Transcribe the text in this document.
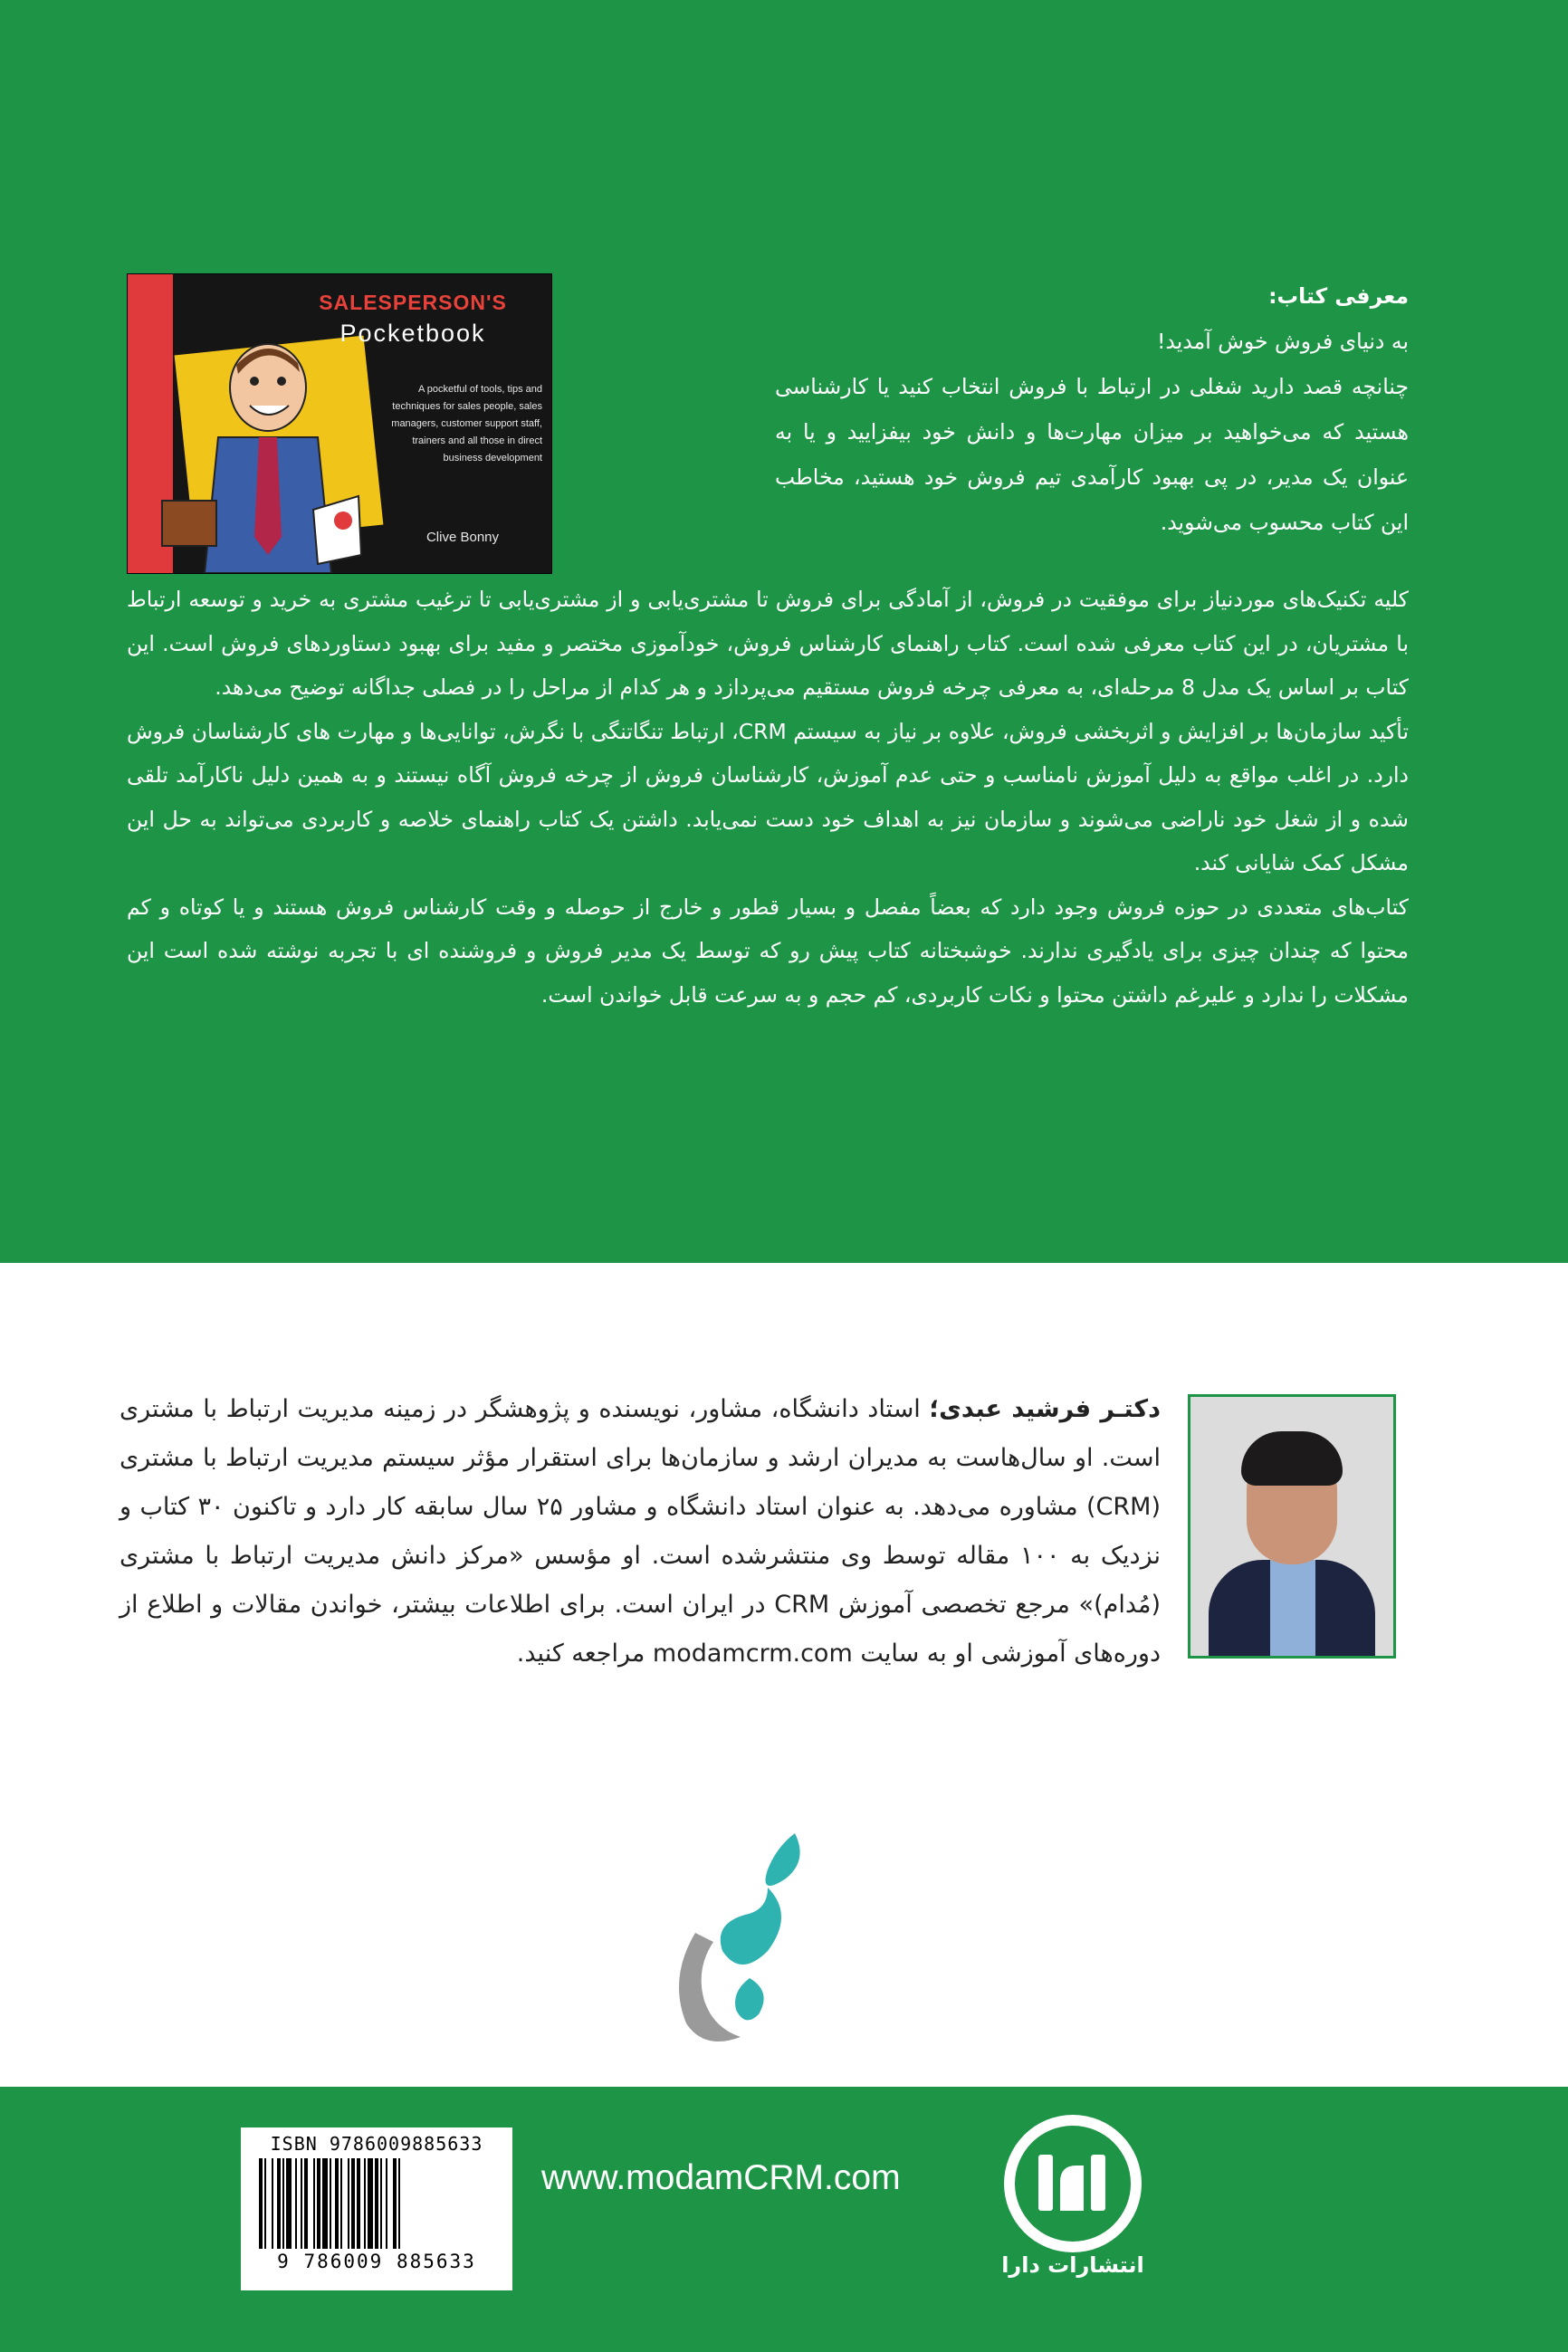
SALESPERSON'S
Pocketbook
A pocketful of tools, tips and techniques for sales people, sales managers, customer support staff, trainers and all those in direct business development
Clive Bonny
معرفی کتاب:
به دنیای فروش خوش آمدید!
چنانچه قصد دارید شغلی در ارتباط با فروش انتخاب کنید یا کارشناسی هستید که می‌خواهید بر میزان مهارت‌ها و دانش خود بیفزایید و یا به عنوان یک مدیر، در پی بهبود کارآمدی تیم فروش خود هستید، مخاطب این کتاب محسوب می‌شوید.

کلیه تکنیک‌های موردنیاز برای موفقیت در فروش، از آمادگی برای فروش تا مشتری‌یابی و از مشتری‌یابی تا ترغیب مشتری به خرید و توسعه ارتباط با مشتریان، در این کتاب معرفی شده است. کتاب راهنمای کارشناس فروش، خودآموزی مختصر و مفید برای بهبود دستاوردهای فروش است. این کتاب بر اساس یک مدل 8 مرحله‌ای، به معرفی چرخه فروش مستقیم می‌پردازد و هر کدام از مراحل را در فصلی جداگانه توضیح می‌دهد.

تأکید سازمان‌ها بر افزایش و اثربخشی فروش، علاوه بر نیاز به سیستم CRM، ارتباط تنگاتنگی با نگرش، توانایی‌ها و مهارت های کارشناسان فروش دارد. در اغلب مواقع به دلیل آموزش نامناسب و حتی عدم آموزش، کارشناسان فروش از چرخه فروش آگاه نیستند و به همین دلیل ناکارآمد تلقی شده و از شغل خود ناراضی می‌شوند و سازمان نیز به اهداف خود دست نمی‌یابد. داشتن یک کتاب راهنمای خلاصه و کاربردی می‌تواند به حل این مشکل کمک شایانی کند.

کتاب‌های متعددی در حوزه فروش وجود دارد که بعضاً مفصل و بسیار قطور و خارج از حوصله و وقت کارشناس فروش هستند و یا کوتاه و کم محتوا که چندان چیزی برای یادگیری ندارند. خوشبختانه کتاب پیش رو که توسط یک مدیر فروش و فروشنده ای با تجربه نوشته شده است این مشکلات را ندارد و علیرغم داشتن محتوا و نکات کاربردی، کم حجم و به سرعت قابل خواندن است.

دکتـر فرشید عبدی؛ استاد دانشگاه، مشاور، نویسنده و پژوهشگر در زمینه مدیریت ارتباط با مشتری است. او سال‌هاست به مدیران ارشد و سازمان‌ها برای استقرار مؤثر سیستم مدیریت ارتباط با مشتری (CRM) مشاوره می‌دهد. به عنوان استاد دانشگاه و مشاور ۲۵ سال سابقه کار دارد و تاکنون ۳۰ کتاب و نزدیک به ۱۰۰ مقاله توسط وی منتشرشده است. او مؤسس «مرکز دانش مدیریت ارتباط با مشتری (مُدام)» مرجع تخصصی آموزش CRM در ایران است. برای اطلاعات بیشتر، خواندن مقالات و اطلاع از دوره‌های آموزشی او به سایت modamcrm.com مراجعه کنید.
انتشارات دارا
www.modamCRM.com
ISBN 9786009885633
9 786009 885633
